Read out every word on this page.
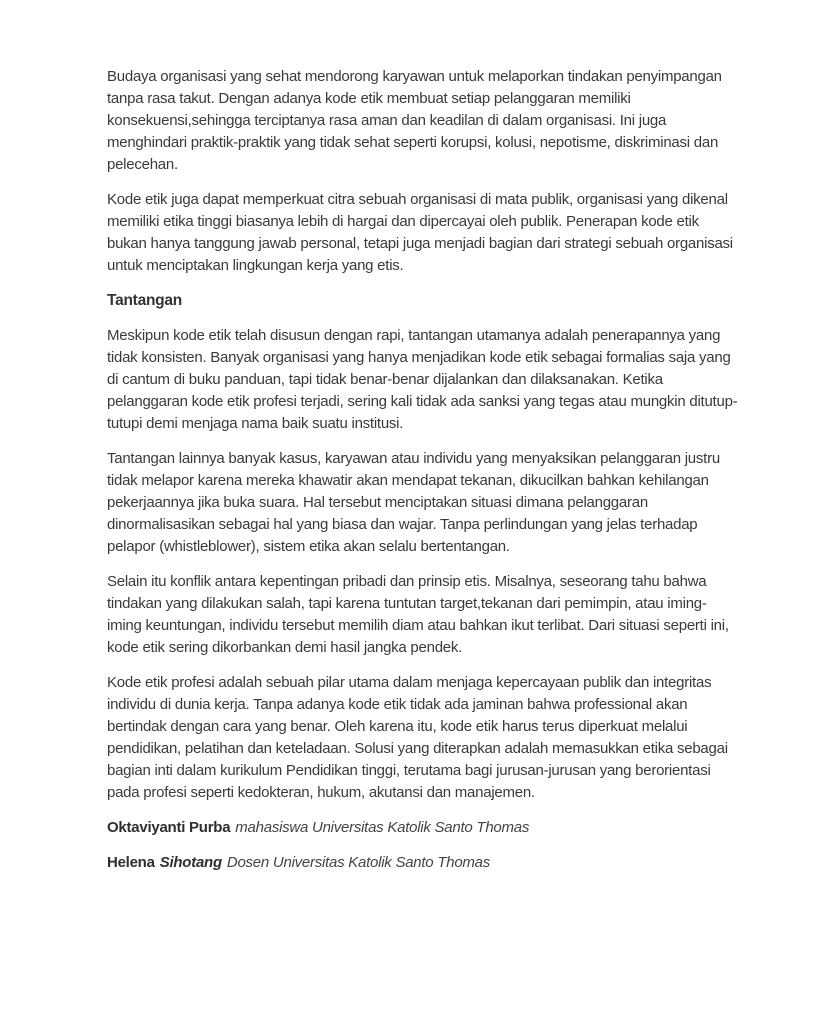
Budaya organisasi yang sehat mendorong karyawan untuk melaporkan tindakan penyimpangan tanpa rasa takut. Dengan adanya kode etik membuat setiap pelanggaran memiliki konsekuensi,sehingga terciptanya rasa aman dan keadilan di dalam organisasi. Ini juga menghindari praktik-praktik yang tidak sehat seperti korupsi, kolusi, nepotisme, diskriminasi dan pelecehan.

Kode etik juga dapat memperkuat citra sebuah organisasi di mata publik, organisasi yang dikenal memiliki etika tinggi biasanya lebih di hargai dan dipercayai oleh publik. Penerapan kode etik bukan hanya tanggung jawab personal, tetapi juga menjadi bagian dari strategi sebuah organisasi untuk menciptakan lingkungan kerja yang etis.

Tantangan

Meskipun kode etik telah disusun dengan rapi, tantangan utamanya adalah penerapannya yang tidak konsisten. Banyak organisasi yang hanya menjadikan kode etik sebagai formalias saja yang di cantum di buku panduan, tapi tidak benar-benar dijalankan dan dilaksanakan. Ketika pelanggaran kode etik profesi terjadi, sering kali tidak ada sanksi yang tegas atau mungkin ditutup-tutupi demi menjaga nama baik suatu institusi.

Tantangan lainnya banyak kasus, karyawan atau individu yang menyaksikan pelanggaran justru tidak melapor karena mereka khawatir akan mendapat tekanan, dikucilkan bahkan kehilangan pekerjaannya jika buka suara. Hal tersebut menciptakan situasi dimana pelanggaran dinormalisasikan sebagai hal yang biasa dan wajar. Tanpa perlindungan yang jelas terhadap pelapor (whistleblower), sistem etika akan selalu bertentangan.

Selain itu konflik antara kepentingan pribadi dan prinsip etis. Misalnya, seseorang tahu bahwa tindakan yang dilakukan salah, tapi karena tuntutan target,tekanan dari pemimpin, atau iming-iming keuntungan, individu tersebut memilih diam atau bahkan ikut terlibat. Dari situasi seperti ini, kode etik sering dikorbankan demi hasil jangka pendek.

Kode etik profesi adalah sebuah pilar utama dalam menjaga kepercayaan publik dan integritas individu di dunia kerja. Tanpa adanya kode etik tidak ada jaminan bahwa professional akan bertindak dengan cara yang benar. Oleh karena itu, kode etik harus terus diperkuat melalui pendidikan, pelatihan dan keteladaan. Solusi yang diterapkan adalah memasukkan etika sebagai bagian inti dalam kurikulum Pendidikan tinggi, terutama bagi jurusan-jurusan yang berorientasi pada profesi seperti kedokteran, hukum, akutansi dan manajemen.

Oktaviyanti Purba mahasiswa Universitas Katolik Santo Thomas

Helena Sihotang Dosen Universitas Katolik Santo Thomas
